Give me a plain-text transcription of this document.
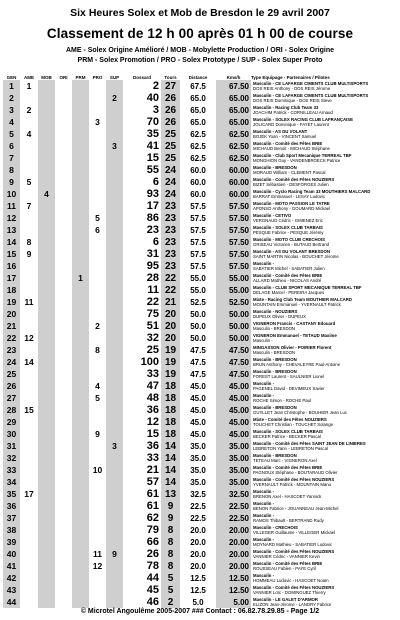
Six Heures Solex et Mob de Bresdon le 29 avril 2007
Classement de 12 h 00 après 01 h 00 de course
AME - Solex Origine Amélioré / MOB - Mobylette Production / ORI - Solex Origine
PRM - Solex Promotion / PRO - Solex Prototype / SUP - Solex Super Proto
GEN	AME	MOB	ORI	PRM	PRO	SUP	Dossard	Tours	Distance	Kms/h	Type Equipage - Partenaires / Pilotes
1	1						2	27	67.5	67.50	Masculin - CE LAFARGE CIMENTS CLUB MULTISPORTS
DOS REIS Anthony - DOS REIS Jérome

2						2	40	26	65.0	65.00	Masculin - CE LAFARGE CIMENTS CLUB MULTISPORTS
DOS REIS Dominique - DOS REIS Steve

3	2						3	26	65.0	65.00	Masculin - Racing Club Team 33
JOACHIM Patrick - CORNILLEAU Arnaud

4					3		70	26	65.0	65.00	Masculin - SOLEX RACING CLUB LAFRANÇAISE
JOLICARD Dominique - FAYET Laurent

5	4						35	25	62.5	62.50	Masculin - AS DU VOLANT
BOJEK Yoan - VINCENT Samuel

6						3	41	25	62.5	62.50	Masculin - Comité des Fêtes BRIE
MICHAUD Benoit - MICHAUD Stéphane

7							15	25	62.5	62.50	Masculin - Club Sport Mecanique TERREAL TBF
MONGHION Guy - VANDENBROECK Patrice

8							55	24	60.0	60.00	Masculin - BRESDON
MORAUD William - CLEMENT Pascal

9	5						6	24	60.0	60.00	Masculin - Comité des Fêtes NOUZIERS
BIZET Sébastien - DESFORGES Julien

10		4					93	24	60.0	60.00	Masculin - Cyclo Racing Team 33 MOUTHIERS MALCARD
BARRAT Emmanuel - LESAY Ludovic

11	7						17	23	57.5	57.50	Masculin - MOTO PASSION LE TATRE
APONSO Anthony - GOUMARD Mickael

12					5		86	23	57.5	57.50	Masculin - CETIVO
VERGNAUD Cédric - GIMENEZ Eric

13					6		23	23	57.5	57.50	Masculin - SOLEX CLUB TARBAIS
PESQUE Fabrice - PESQUE Jérémy

14	8						6	23	57.5	57.50	Masculin - MOTO CLUB CRECHOIS
GRISEAU Victorien - BUTAUD Bertrand

15	9						31	23	57.5	57.50	Masculin - AS DU VOLANT BRESDON
SAINT MARTIN Nicolas - BOUCHET Jérome

16							95	23	57.5	57.50	Masculin -
SABATIER Michel - SABATIER Julien

17				1			28	22	55.0	55.00	Masculin - Comité des Fêtes BRIE
ALLARD Mathieu - NICOLAS André

18							11	22	55.0	55.00	Masculin - CLUB SPORT MECANIQUE TERREAL TBF
DELAGE Marcel - PEREIRA Jacques

19	11						22	21	52.5	52.50	Mixte - Racing Club Team MOUTHIER MALCARD
MOUNTAIN Emmanuel - YVERNAULT Patrick

20							75	20	50.0	50.00	Masculin - NOUZIERS
DUPEUX Olivier - DUPEUX

21					2		51	20	50.0	50.00	VIGNERON Francis - CASTANY Edouard
Masculin - BRESDON

22	12						32	20	50.0	50.00	VIGNERON Emmanuel - TETAUD Maxime
Masculin -

23					8		25	19	47.5	47.50	MINGASSON Olivier - POIRIER Florent
Masculin - BRESDON

24	14						100	19	47.5	47.50	Masculin - BRESDON
BRUN Anthony - CHEVALEYRE Paul-Antoine

25							33	19	47.5	47.50	Masculin - BRESDON
FOREST Laurent - SAULNIER Lionel

26					4		47	18	45.0	45.00	Masculin -
PAGENEL David - DEVIMEUX Xavier

27					5		48	18	45.0	45.00	Masculin -
ROCHE Simon - ROCHE Paul

28	15						36	18	45.0	45.00	Masculin - BRESDON
GUYLLET Jean Christophe - BOUHIER Jean Luc

29							12	18	45.0	45.00	Mixte - Comité des Fêtes NOUZIERS
TOUCHET Christian - TOUCHET Solange

30					9		15	18	45.0	45.00	Masculin - SOLEX CLUB TARBAIS
BECKER Patrice - BECKER Pascal

31						3	36	14	35.0	35.00	Masculin - Comité des Fêtes SAINT JEAN DE LINIERES
LEBRETON Yann - LEBRETON Pascal

32							33	14	35.0	35.00	Masculin - BRESDON
TETEAU Marc - VIGNERON Axel

33					10		21	14	35.0	35.00	Masculin - Comité des Fêtes BRIE
PAGNOUX Stéphane - BOUTARAUD Olivier

34							57	14	35.0	35.00	Masculin - Comité des Fêtes NOUZIERS
YVERNAULT Patrick - MOUNTAIN Manu

35	17						61	13	32.5	32.50	Masculin -
BRENON Axel - HASCOET Yannick

36							61	9	22.5	22.50	Masculin -
BENON Fabrice - JOUANNEAU Jean-Michel

37							62	9	22.5	22.50	Masculin -
RAMOS Thibault - BERTRAND Rudy

38							79	8	20.0	20.00	Masculin - CRECHOIS
VILLEGER Guillaume - VILLEGER Mickael

39							66	8	20.0	20.00	Masculin -
MOYNARD Mathieu - SABATIER Ludovic

40					11	9	26	8	20.0	20.00	Masculin - Comité des Fêtes NOUZIERS
VANNIER Cédric - VANNIER Kevin

41					12		78	8	20.0	20.00	Masculin - Comité des Fêtes BRIE
ROUSSEAU Fabien - PAYE Cyril

42							44	5	12.5	12.50	Masculin -
HOMMEAU Ludovic - HASCOET Noam

43							45	5	12.5	12.50	Masculin - Comité des Fêtes NOUZIERS
VANNIER Loïc - DOMINGUEZ Thierry

44							46	2	5.0	5.00	Masculin - LE GALET D'ARMOR
ELIZON Jean-Jérome - LANDRY Fabrice
© Microtel Angoulême 2005-2007 ### Contact : 06.82.78.29.85 - Page 1/2
